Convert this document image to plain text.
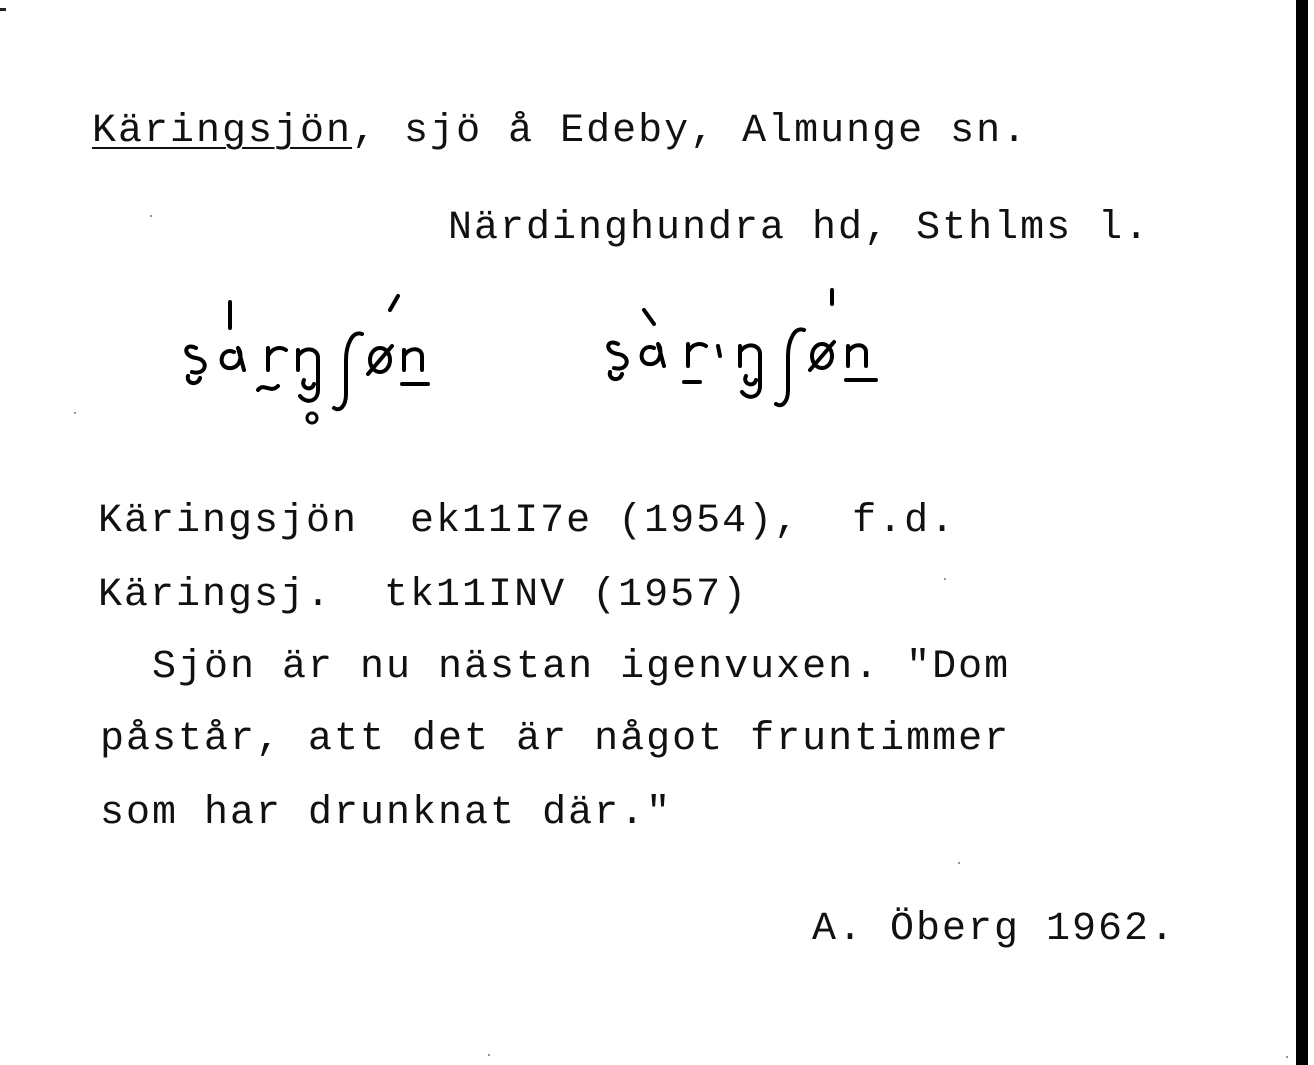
Käringsjön, sjö å Edeby, Almunge sn.
Närdinghundra hd, Sthlms l.
Käringsjön  ek11I7e (1954),  f.d.
Käringsj.  tk11INV (1957)
Sjön är nu nästan igenvuxen. "Dom
påstår, att det är något fruntimmer
som har drunknat där."
A. Öberg 1962.
